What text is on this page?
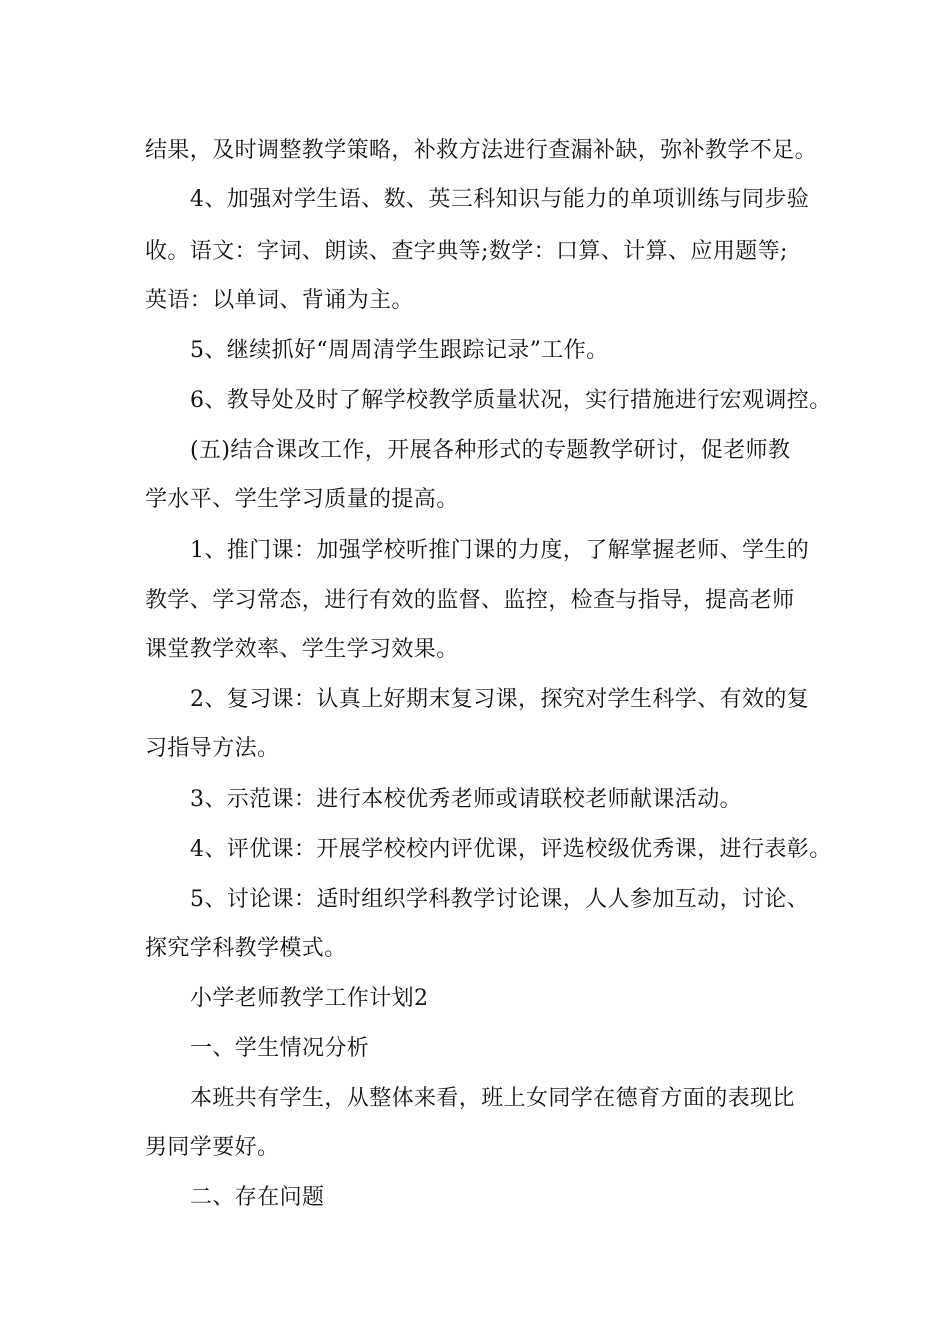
结果，及时调整教学策略，补救方法进行查漏补缺，弥补教学不足。
4、加强对学生语、数、英三科知识与能力的单项训练与同步验
收。语文：字词、朗读、查字典等;数学：口算、计算、应用题等;
英语：以单词、背诵为主。
5、继续抓好“周周清学生跟踪记录”工作。
6、教导处及时了解学校教学质量状况，实行措施进行宏观调控。
(五)结合课改工作，开展各种形式的专题教学研讨，促老师教
学水平、学生学习质量的提高。
1、推门课：加强学校听推门课的力度，了解掌握老师、学生的
教学、学习常态，进行有效的监督、监控，检查与指导，提高老师
课堂教学效率、学生学习效果。
2、复习课：认真上好期末复习课，探究对学生科学、有效的复
习指导方法。
3、示范课：进行本校优秀老师或请联校老师献课活动。
4、评优课：开展学校校内评优课，评选校级优秀课，进行表彰。
5、讨论课：适时组织学科教学讨论课，人人参加互动，讨论、
探究学科教学模式。
小学老师教学工作计划2
一、学生情况分析
本班共有学生，从整体来看，班上女同学在德育方面的表现比
男同学要好。
二、存在问题
